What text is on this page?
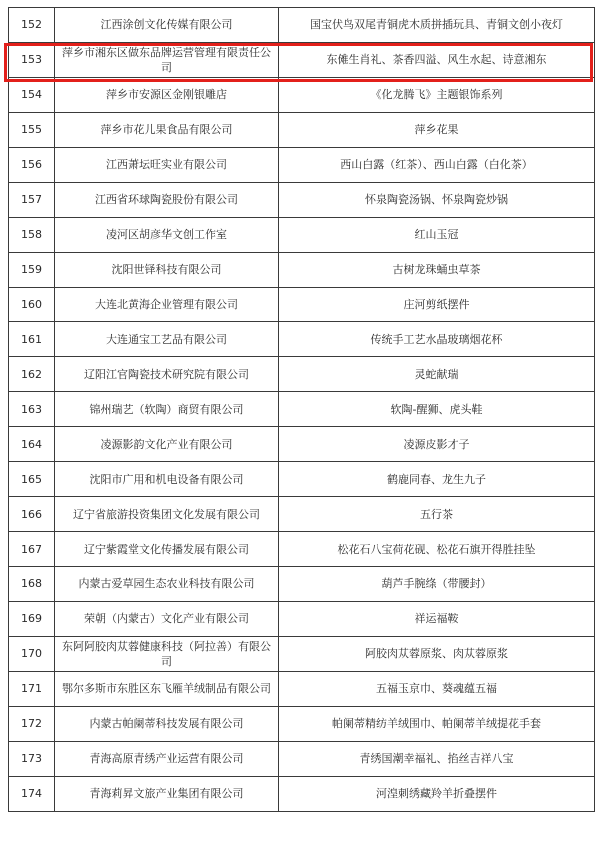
152	江西涂创文化传媒有限公司	国宝伏鸟双尾青铜虎木质拼插玩具、青铜文创小夜灯
153	萍乡市湘东区做东品牌运营管理有限责任公司	东傩生肖礼、茶香四溢、风生水起、诗意湘东
154	萍乡市安源区金刚银雕店	《化龙腾飞》主题银饰系列
155	萍乡市花儿果食品有限公司	萍乡花果
156	江西萧坛旺实业有限公司	西山白露（红茶）、西山白露（白化茶）
157	江西省环球陶瓷股份有限公司	怀泉陶瓷汤锅、怀泉陶瓷炒锅
158	凌河区胡彦华文创工作室	红山玉冠
159	沈阳世铎科技有限公司	古树龙珠蛹虫草茶
160	大连北黄海企业管理有限公司	庄河剪纸摆件
161	大连通宝工艺品有限公司	传统手工艺水晶玻璃烟花杯
162	辽阳江官陶瓷技术研究院有限公司	灵蛇献瑞
163	锦州瑞艺（软陶）商贸有限公司	软陶-醒狮、虎头鞋
164	凌源影韵文化产业有限公司	凌源皮影才子
165	沈阳市广用和机电设备有限公司	鹤鹿同春、龙生九子
166	辽宁省旅游投资集团文化发展有限公司	五行茶
167	辽宁紫霞堂文化传播发展有限公司	松花石八宝荷花砚、松花石旗开得胜挂坠
168	内蒙古爱草园生态农业科技有限公司	葫芦手腕绦（带腰封）
169	荣朝（内蒙古）文化产业有限公司	祥运福鞍
170	东阿阿胶肉苁蓉健康科技（阿拉善）有限公司	阿胶肉苁蓉原浆、肉苁蓉原浆
171	鄂尔多斯市东胜区东飞雁羊绒制品有限公司	五福玉京巾、葵魂蕴五福
172	内蒙古帕阑蒂科技发展有限公司	帕阑蒂精纺羊绒围巾、帕阑蒂羊绒提花手套
173	青海高原青绣产业运营有限公司	青绣国潮幸福礼、掐丝吉祥八宝
174	青海莉昇文旅产业集团有限公司	河湟刺绣藏羚羊折叠摆件
